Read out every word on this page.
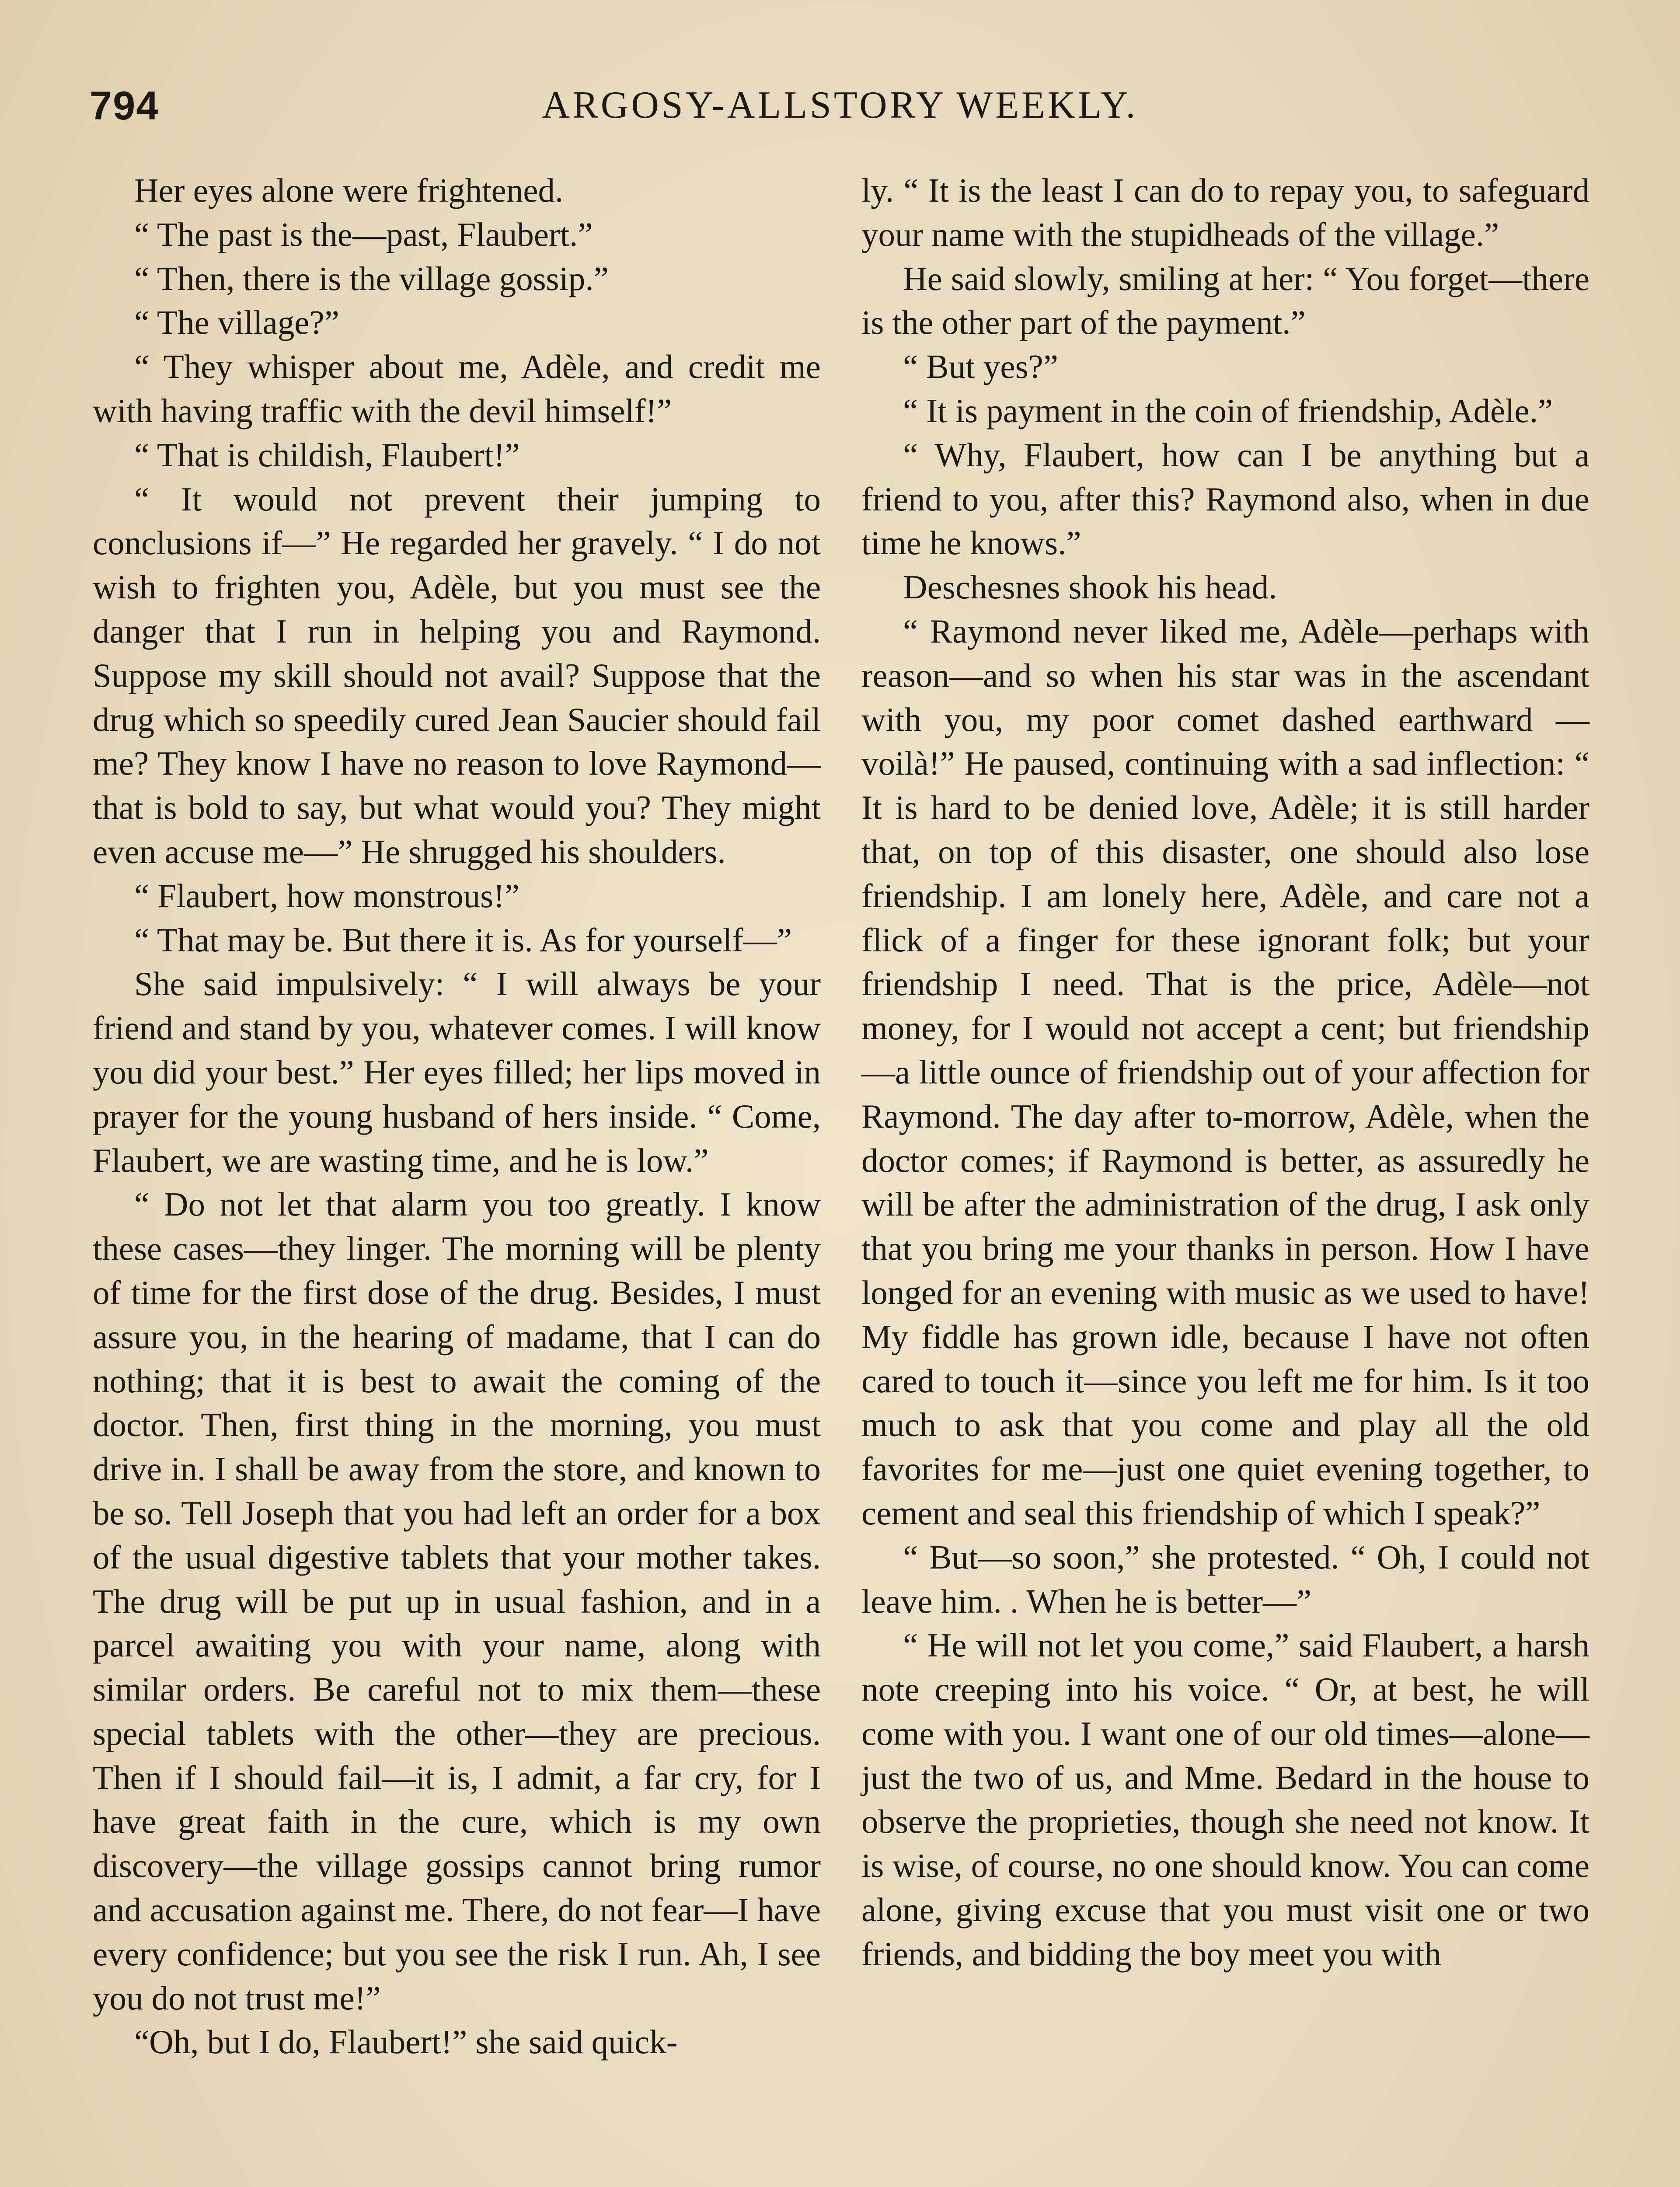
794	ARGOSY-ALLSTORY WEEKLY.

Her eyes alone were frightened.

“ The past is the—past, Flaubert.”

“ Then, there is the village gossip.”

“ The village?”

“ They whisper about me, Adèle, and credit me with having traffic with the devil himself!”

“ That is childish, Flaubert!”

“ It would not prevent their jumping to conclusions if—” He regarded her gravely. “ I do not wish to frighten you, Adèle, but you must see the danger that I run in helping you and Raymond. Suppose my skill should not avail? Suppose that the drug which so speedily cured Jean Saucier should fail me? They know I have no reason to love Raymond—that is bold to say, but what would you? They might even accuse me—” He shrugged his shoulders.

“ Flaubert, how monstrous!”

“ That may be. But there it is. As for yourself—”

She said impulsively: “ I will always be your friend and stand by you, whatever comes. I will know you did your best.” Her eyes filled; her lips moved in prayer for the young husband of hers inside. “ Come, Flaubert, we are wasting time, and he is low.”

“ Do not let that alarm you too greatly. I know these cases—they linger. The morning will be plenty of time for the first dose of the drug. Besides, I must assure you, in the hearing of madame, that I can do nothing; that it is best to await the coming of the doctor. Then, first thing in the morning, you must drive in. I shall be away from the store, and known to be so. Tell Joseph that you had left an order for a box of the usual digestive tablets that your mother takes. The drug will be put up in usual fashion, and in a parcel awaiting you with your name, along with similar orders. Be careful not to mix them—these special tablets with the other—they are precious. Then if I should fail—it is, I admit, a far cry, for I have great faith in the cure, which is my own discovery—the village gossips cannot bring rumor and accusation against me. There, do not fear—I have every confidence; but you see the risk I run. Ah, I see you do not trust me!”

“Oh, but I do, Flaubert!” she said quick-

ly. “ It is the least I can do to repay you, to safeguard your name with the stupidheads of the village.”

He said slowly, smiling at her: “ You forget—there is the other part of the payment.”

“ But yes?”

“ It is payment in the coin of friendship, Adèle.”

“ Why, Flaubert, how can I be anything but a friend to you, after this? Raymond also, when in due time he knows.”

Deschesnes shook his head.

“ Raymond never liked me, Adèle—perhaps with reason—and so when his star was in the ascendant with you, my poor comet dashed earthward — voilà!” He paused, continuing with a sad inflection: “ It is hard to be denied love, Adèle; it is still harder that, on top of this disaster, one should also lose friendship. I am lonely here, Adèle, and care not a flick of a finger for these ignorant folk; but your friendship I need. That is the price, Adèle—not money, for I would not accept a cent; but friendship—a little ounce of friendship out of your affection for Raymond. The day after to-morrow, Adèle, when the doctor comes; if Raymond is better, as assuredly he will be after the administration of the drug, I ask only that you bring me your thanks in person. How I have longed for an evening with music as we used to have! My fiddle has grown idle, because I have not often cared to touch it—since you left me for him. Is it too much to ask that you come and play all the old favorites for me—just one quiet evening together, to cement and seal this friendship of which I speak?”

“ But—so soon,” she protested. “ Oh, I could not leave him. . When he is better—”

“ He will not let you come,” said Flaubert, a harsh note creeping into his voice. “ Or, at best, he will come with you. I want one of our old times—alone—just the two of us, and Mme. Bedard in the house to observe the proprieties, though she need not know. It is wise, of course, no one should know. You can come alone, giving excuse that you must visit one or two friends, and bidding the boy meet you with
